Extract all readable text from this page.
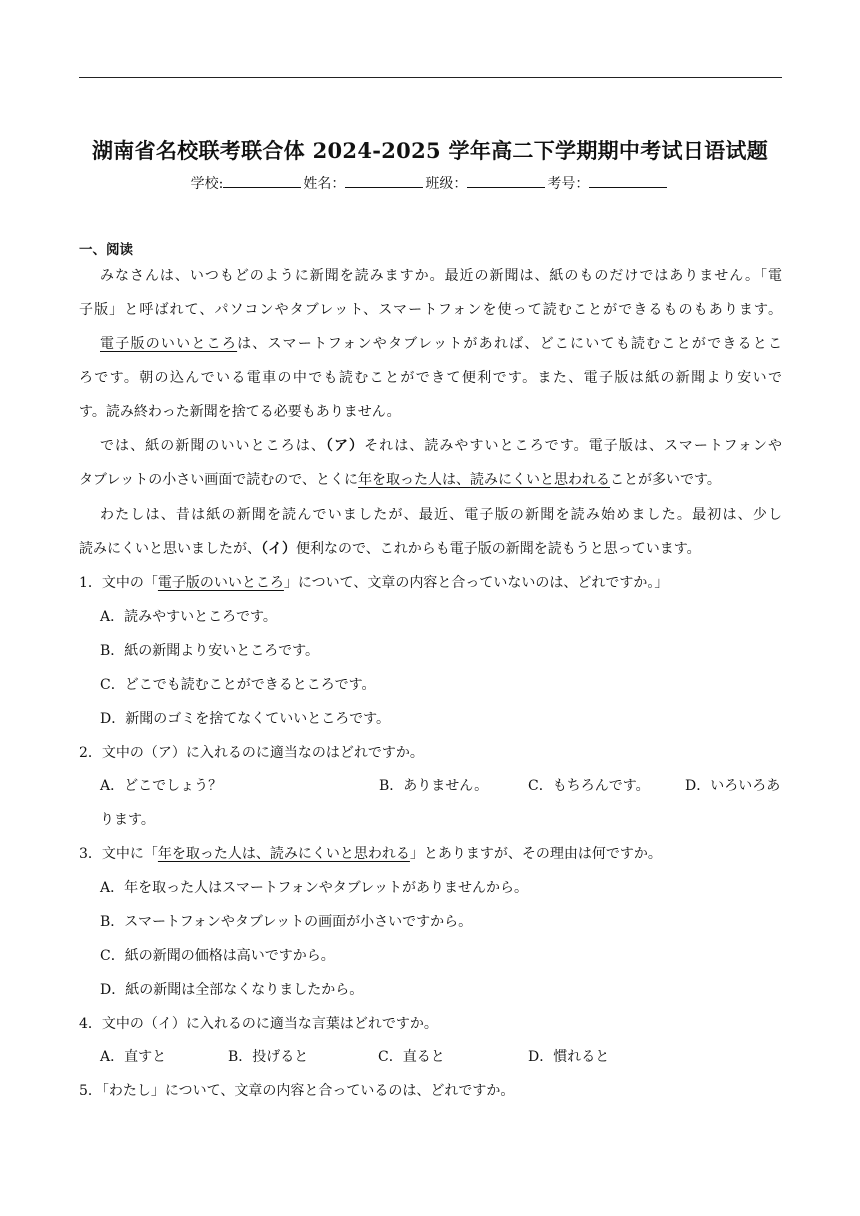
湖南省名校联考联合体 2024-2025 学年高二下学期期中考试日语试题
学校:	姓名：	班级：	考号：
一、阅读
みなさんは、いつもどのように新聞を読みますか。最近の新聞は、紙のものだけではありません。「電
子版」と呼ばれて、パソコンやタブレット、スマートフォンを使って読むことができるものもあります。
電子版のいいところは、スマートフォンやタブレットがあれば、どこにいても読むことができるとこ
ろです。朝の込んでいる電車の中でも読むことができて便利です。また、電子版は紙の新聞より安いで
す。読み終わった新聞を捨てる必要もありません。
では、紙の新聞のいいところは、（ア）それは、読みやすいところです。電子版は、スマートフォンや
タブレットの小さい画面で読むので、とくに年を取った人は、読みにくいと思われることが多いです。
わたしは、昔は紙の新聞を読んでいましたが、最近、電子版の新聞を読み始めました。最初は、少し
読みにくいと思いましたが、（イ）便利なので、これからも電子版の新聞を読もうと思っています。
1．文中の「電子版のいいところ」について、文章の内容と合っていないのは、どれですか。」
A．読みやすいところです。
B．紙の新聞より安いところです。
C．どこでも読むことができるところです。
D．新聞のゴミを捨てなくていいところです。
2．文中の（ア）に入れるのに適当なのはどれですか。
A．どこでしょう？	B．ありません。	C．もちろんです。	D．いろいろあ
ります。
3．文中に「年を取った人は、読みにくいと思われる」とありますが、その理由は何ですか。
A．年を取った人はスマートフォンやタブレットがありませんから。
B．スマートフォンやタブレットの画面が小さいですから。
C．紙の新聞の価格は高いですから。
D．紙の新聞は全部なくなりましたから。
4．文中の（イ）に入れるのに適当な言葉はどれですか。
A．直すと	B．投げると	C．直ると	D．慣れると
5．「わたし」について、文章の内容と合っているのは、どれですか。
